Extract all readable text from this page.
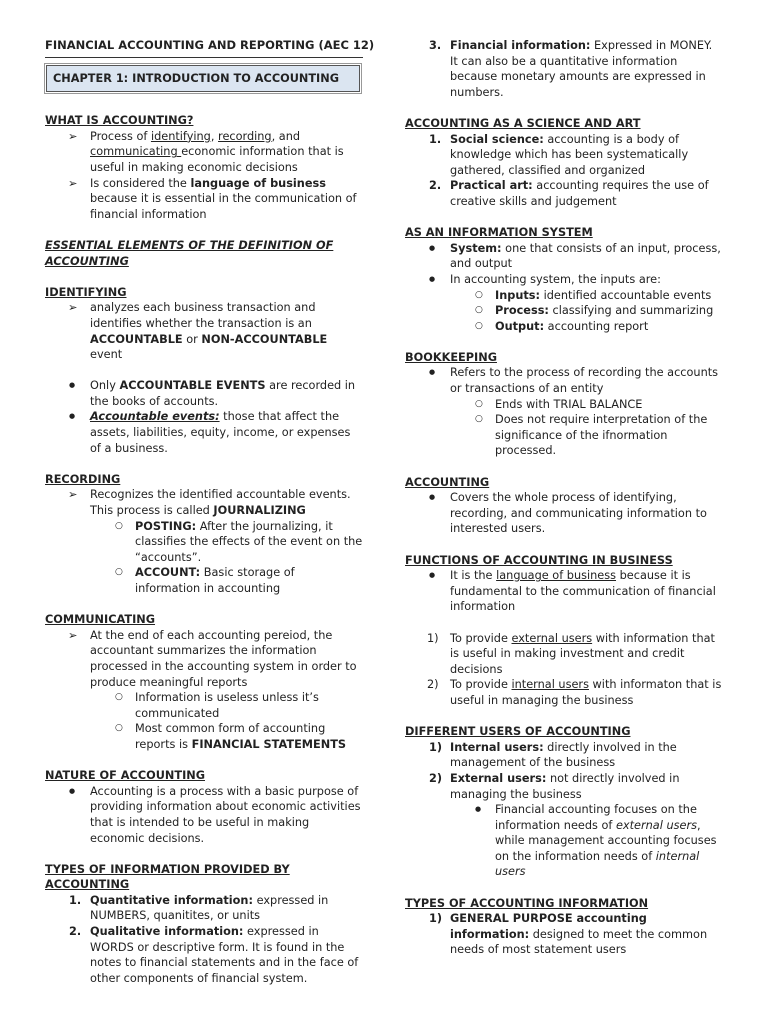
FINANCIAL ACCOUNTING AND REPORTING (AEC 12)
CHAPTER 1: INTRODUCTION TO ACCOUNTING
WHAT IS ACCOUNTING?
➢ Process of identifying, recording, and communicating economic information that is useful in making economic decisions
➢ Is considered the language of business because it is essential in the communication of financial information
ESSENTIAL ELEMENTS OF THE DEFINITION OF ACCOUNTING
IDENTIFYING
➢ analyzes each business transaction and identifies whether the transaction is an ACCOUNTABLE or NON-ACCOUNTABLE event
● Only ACCOUNTABLE EVENTS are recorded in the books of accounts.
● Accountable events: those that affect the assets, liabilities, equity, income, or expenses of a business.
RECORDING
➢ Recognizes the identified accountable events. This process is called JOURNALIZING
○ POSTING: After the journalizing, it classifies the effects of the event on the “accounts”.
○ ACCOUNT: Basic storage of information in accounting
COMMUNICATING
➢ At the end of each accounting pereiod, the accountant summarizes the information processed in the accounting system in order to produce meaningful reports
○ Information is useless unless it’s communicated
○ Most common form of accounting reports is FINANCIAL STATEMENTS
NATURE OF ACCOUNTING
● Accounting is a process with a basic purpose of providing information about economic activities that is intended to be useful in making economic decisions.
TYPES OF INFORMATION PROVIDED BY ACCOUNTING
1. Quantitative information: expressed in NUMBERS, quanitites, or units
2. Qualitative information: expressed in WORDS or descriptive form. It is found in the notes to financial statements and in the face of other components of financial system.
3. Financial information: Expressed in MONEY. It can also be a quantitative information because monetary amounts are expressed in numbers.
ACCOUNTING AS A SCIENCE AND ART
1. Social science: accounting is a body of knowledge which has been systematically gathered, classified and organized
2. Practical art: accounting requires the use of creative skills and judgement
AS AN INFORMATION SYSTEM
● System: one that consists of an input, process, and output
● In accounting system, the inputs are:
○ Inputs: identified accountable events
○ Process: classifying and summarizing
○ Output: accounting report
BOOKKEEPING
● Refers to the process of recording the accounts or transactions of an entity
○ Ends with TRIAL BALANCE
○ Does not require interpretation of the significance of the ifnormation processed.
ACCOUNTING
● Covers the whole process of identifying, recording, and communicating information to interested users.
FUNCTIONS OF ACCOUNTING IN BUSINESS
● It is the language of business because it is fundamental to the communication of financial information
1) To provide external users with information that is useful in making investment and credit decisions
2) To provide internal users with informaton that is useful in managing the business
DIFFERENT USERS OF ACCOUNTING
1) Internal users: directly involved in the management of the business
2) External users: not directly involved in managing the business
● Financial accounting focuses on the information needs of external users, while management accounting focuses on the information needs of internal users
TYPES OF ACCOUNTING INFORMATION
1) GENERAL PURPOSE accounting information: designed to meet the common needs of most statement users
